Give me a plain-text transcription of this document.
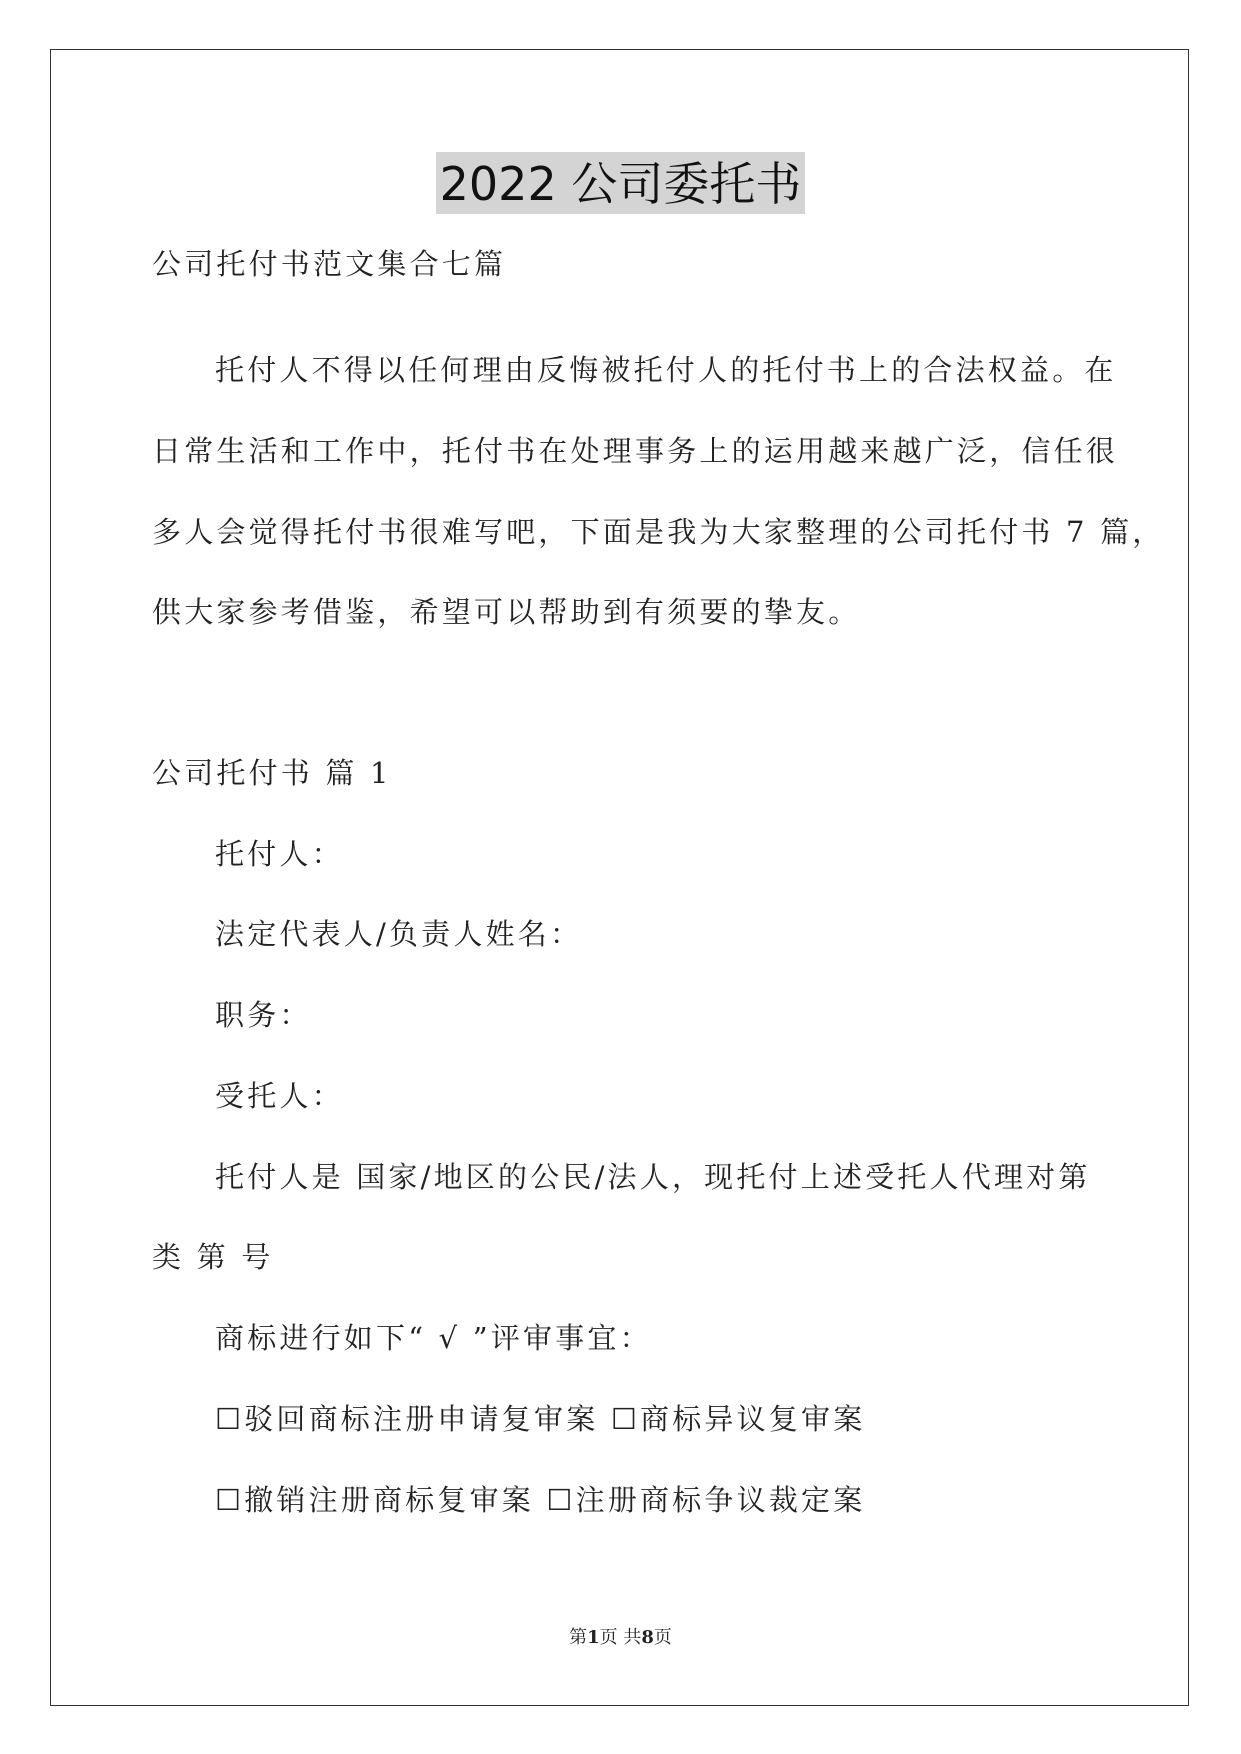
2022 公司委托书
公司托付书范文集合七篇
托付人不得以任何理由反悔被托付人的托付书上的合法权益。在
日常生活和工作中，托付书在处理事务上的运用越来越广泛，信任很
多人会觉得托付书很难写吧，下面是我为大家整理的公司托付书 7 篇，
供大家参考借鉴，希望可以帮助到有须要的挚友。
公司托付书 篇 1
托付人：
法定代表人/负责人姓名：
职务：
受托人：
托付人是 国家/地区的公民/法人，现托付上述受托人代理对第
类 第 号
商标进行如下“ √ ”评审事宜：
☐驳回商标注册申请复审案 ☐商标异议复审案
☐撤销注册商标复审案 ☐注册商标争议裁定案
第1页 共8页
